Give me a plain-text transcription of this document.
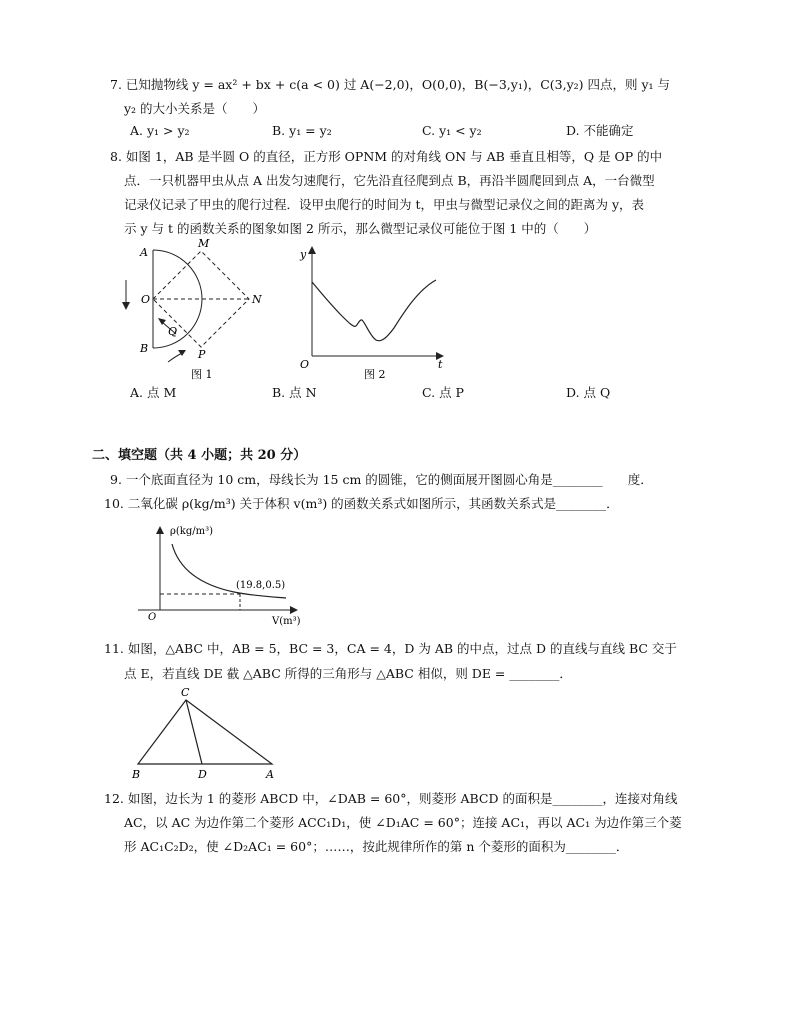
7. 已知抛物线 y = ax² + bx + c(a < 0) 过 A(−2,0)，O(0,0)，B(−3,y₁)，C(3,y₂) 四点，则 y₁ 与
y₂ 的大小关系是（　　）
A. y₁ > y₂	B. y₁ = y₂	C. y₁ < y₂	D. 不能确定
8. 如图 1，AB 是半圆 O 的直径，正方形 OPNM 的对角线 ON 与 AB 垂直且相等，Q 是 OP 的中
点．一只机器甲虫从点 A 出发匀速爬行，它先沿直径爬到点 B，再沿半圆爬回到点 A，一台微型
记录仪记录了甲虫的爬行过程．设甲虫爬行的时间为 t，甲虫与微型记录仪之间的距离为 y，表
示 y 与 t 的函数关系的图象如图 2 所示，那么微型记录仪可能位于图 1 中的（　　）
A
M
O	N
Q
B	P
图 1
y
O	t
图 2
A. 点 M	B. 点 N	C. 点 P	D. 点 Q
二、填空题（共 4 小题；共 20 分）
9. 一个底面直径为 10 cm，母线长为 15 cm 的圆锥，它的侧面展开图圆心角是________　　度．
10. 二氧化碳 ρ(kg/m³) 关于体积 v(m³) 的函数关系式如图所示，其函数关系式是________．
ρ(kg/m³)
(19.8,0.5)
O	V(m³)
11. 如图，△ABC 中，AB = 5，BC = 3，CA = 4，D 为 AB 的中点，过点 D 的直线与直线 BC 交于
点 E，若直线 DE 截 △ABC 所得的三角形与 △ABC 相似，则 DE = ________．
C
B	D	A
12. 如图，边长为 1 的菱形 ABCD 中，∠DAB = 60°，则菱形 ABCD 的面积是________，连接对角线
AC，以 AC 为边作第二个菱形 ACC₁D₁，使 ∠D₁AC = 60°；连接 AC₁，再以 AC₁ 为边作第三个菱
形 AC₁C₂D₂，使 ∠D₂AC₁ = 60°；……，按此规律所作的第 n 个菱形的面积为________．
